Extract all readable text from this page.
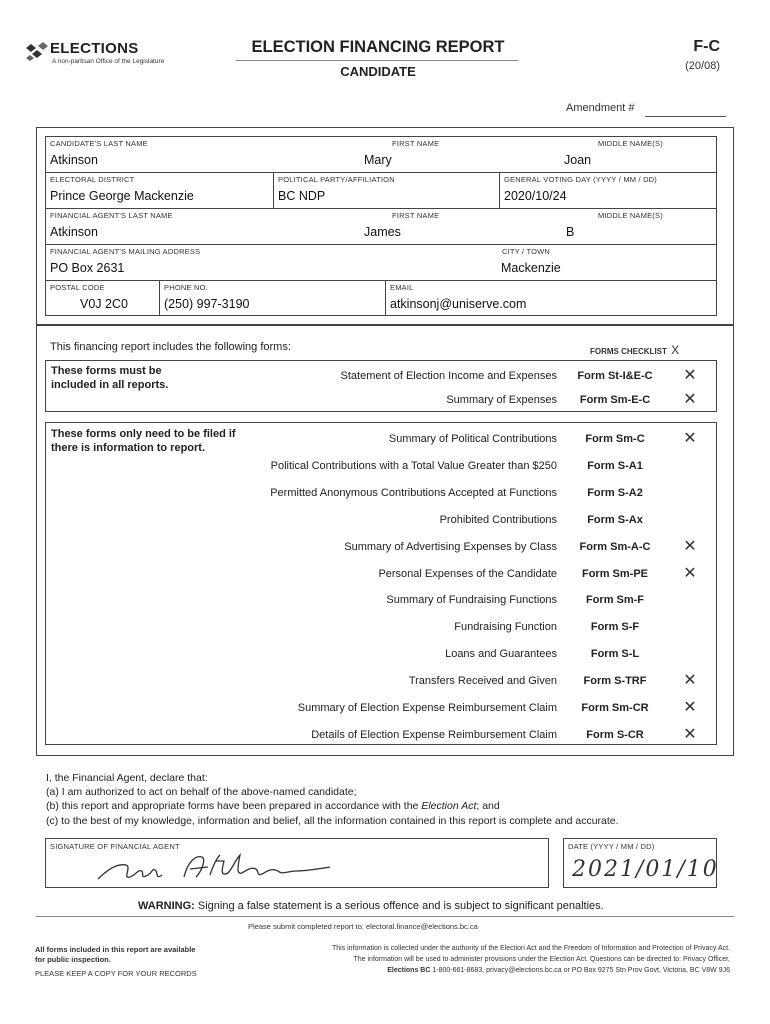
ELECTIONS
A non-partisan Office of the Legislature
ELECTION FINANCING REPORT
CANDIDATE
F-C
(20/08)
Amendment #
CANDIDATE'S LAST NAME
Atkinson
FIRST NAME
Mary
MIDDLE NAME(S)
Joan
ELECTORAL DISTRICT
Prince George Mackenzie
POLITICAL PARTY/AFFILIATION
BC NDP
GENERAL VOTING DAY (YYYY / MM / DD)
2020/10/24
FINANCIAL AGENT'S LAST NAME
Atkinson
FIRST NAME
James
MIDDLE NAME(S)
B
FINANCIAL AGENT'S MAILING ADDRESS
PO Box 2631
CITY / TOWN
Mackenzie
POSTAL CODE
V0J 2C0
PHONE NO.
(250) 997-3190
EMAIL
atkinsonj@uniserve.com
This financing report includes the following forms:	FORMS CHECKLIST X
These forms must be included in all reports.
Statement of Election Income and Expenses	Form St-I&E-C	✕
Summary of Expenses	Form Sm-E-C	✕
These forms only need to be filed if there is information to report.
Summary of Political Contributions	Form Sm-C	✕
Political Contributions with a Total Value Greater than $250	Form S-A1
Permitted Anonymous Contributions Accepted at Functions	Form S-A2
Prohibited Contributions	Form S-Ax
Summary of Advertising Expenses by Class	Form Sm-A-C	✕
Personal Expenses of the Candidate	Form Sm-PE	✕
Summary of Fundraising Functions	Form Sm-F
Fundraising Function	Form S-F
Loans and Guarantees	Form S-L
Transfers Received and Given	Form S-TRF	✕
Summary of Election Expense Reimbursement Claim	Form Sm-CR	✕
Details of Election Expense Reimbursement Claim	Form S-CR	✕
I, the Financial Agent, declare that:
(a) I am authorized to act on behalf of the above-named candidate;
(b) this report and appropriate forms have been prepared in accordance with the Election Act; and
(c) to the best of my knowledge, information and belief, all the information contained in this report is complete and accurate.
SIGNATURE OF FINANCIAL AGENT	DATE (YYYY / MM / DD)
2021/01/10
WARNING: Signing a false statement is a serious offence and is subject to significant penalties.
Please submit completed report to: electoral.finance@elections.bc.ca
All forms included in this report are available
for public inspection.
PLEASE KEEP A COPY FOR YOUR RECORDS
This information is collected under the authority of the Election Act and the Freedom of Information and Protection of Privacy Act.
The information will be used to administer provisions under the Election Act. Questions can be directed to: Privacy Officer,
Elections BC 1-800-661-8683, privacy@elections.bc.ca or PO Box 9275 Stn Prov Govt, Victoria, BC V8W 9J6
